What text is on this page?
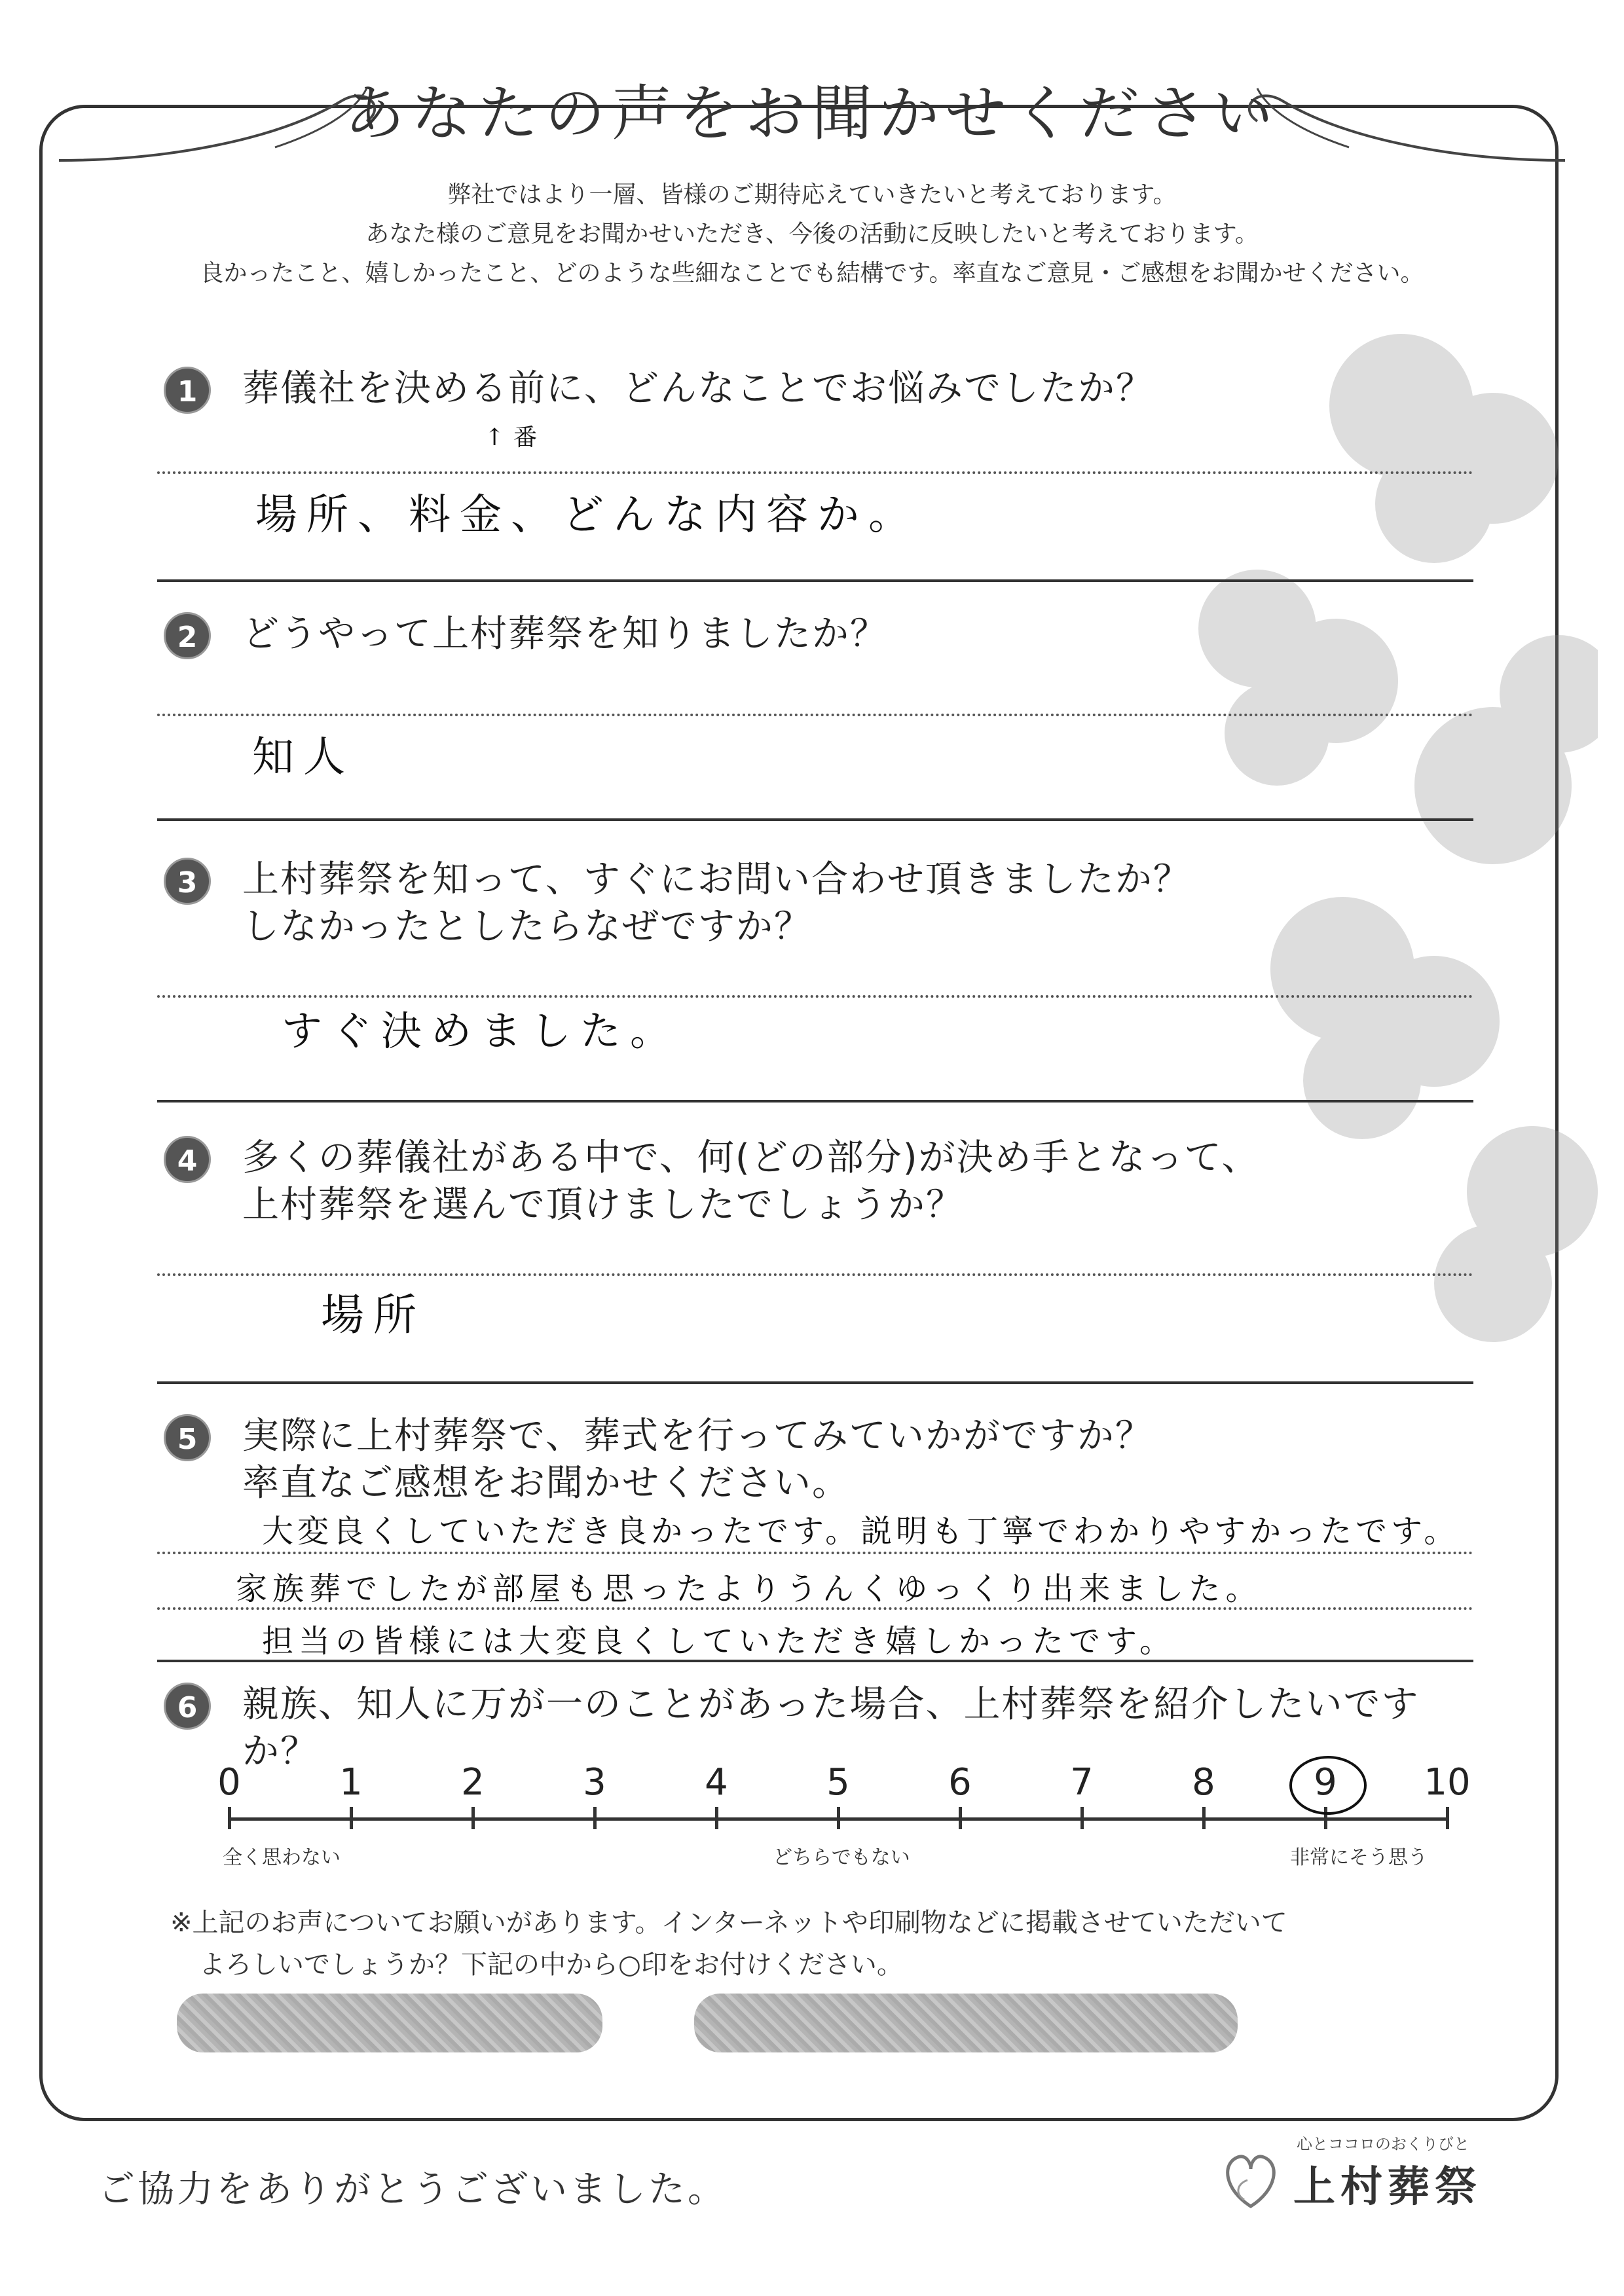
あなたの声をお聞かせください
弊社ではより一層、皆様のご期待応えていきたいと考えております。
あなた様のご意見をお聞かせいただき、今後の活動に反映したいと考えております。
良かったこと、嬉しかったこと、どのような些細なことでも結構です。率直なご意見・ご感想をお聞かせください。
1	葬儀社を決める前に、どんなことでお悩みでしたか？
↑番
場所、料金、どんな内容か。
2	どうやって上村葬祭を知りましたか？
知人
3	上村葬祭を知って、すぐにお問い合わせ頂きましたか？
しなかったとしたらなぜですか？
すぐ決めました。
4	多くの葬儀社がある中で、何(どの部分)が決め手となって、
上村葬祭を選んで頂けましたでしょうか？
場所
5	実際に上村葬祭で、葬式を行ってみていかがですか？
率直なご感想をお聞かせください。
大変良くしていただき良かったです。説明も丁寧でわかりやすかったです。
家族葬でしたが部屋も思ったよりうんくゆっくり出来ました。
担当の皆様には大変良くしていただき嬉しかったです。
6	親族、知人に万が一のことがあった場合、上村葬祭を紹介したいですか？
全く思わない	どちらでもない	非常にそう思う
0	1	2	3	4	5	6	7	8	9	10
※上記のお声についてお願いがあります。インターネットや印刷物などに掲載させていただいて
よろしいでしょうか？下記の中から○印をお付けください。
ご協力をありがとうございました。
心とココロのおくりびと
上村葬祭
